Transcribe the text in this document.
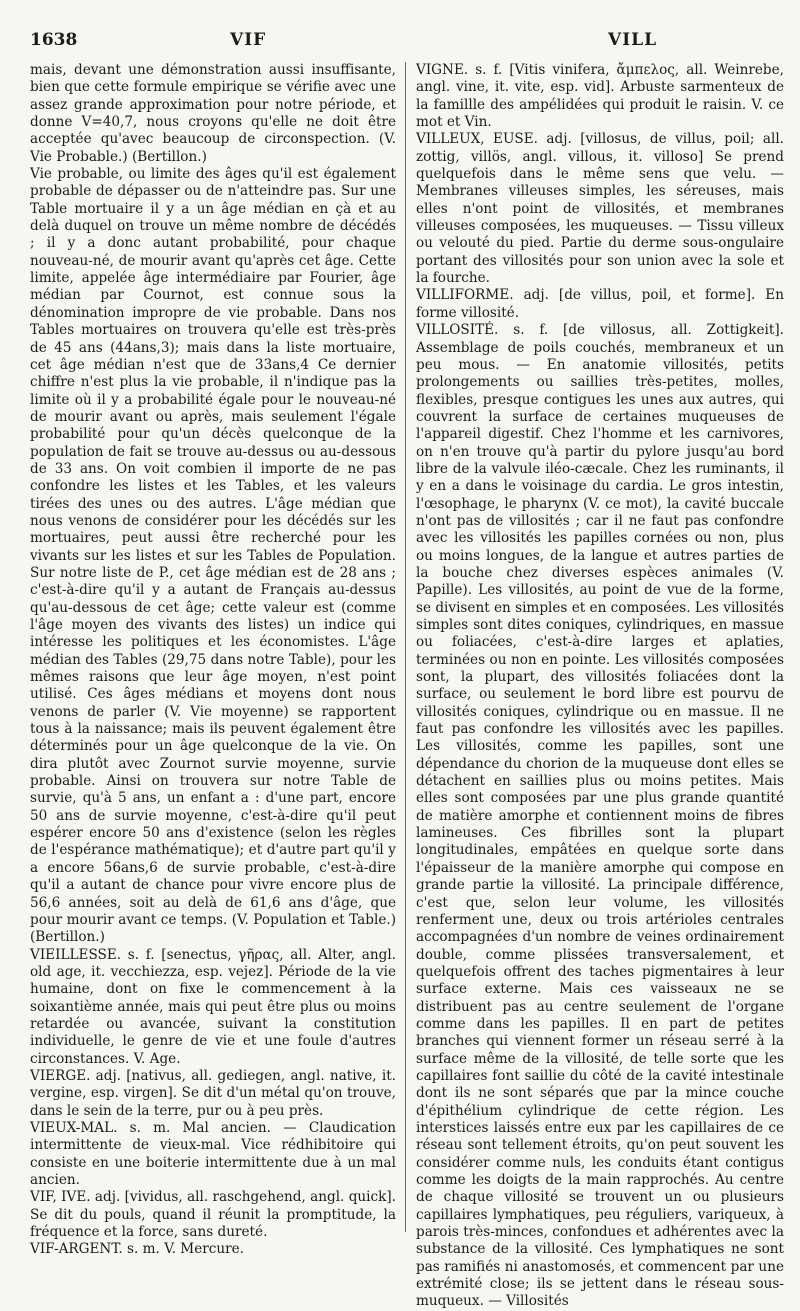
1638	VIF	VILL

mais, devant une démonstration aussi insuffisante, bien que cette formule empirique se vérifie avec une assez grande approximation pour notre période, et donne V=40,7, nous croyons qu'elle ne doit être acceptée qu'avec beaucoup de circonspection. (V. Vie Probable.) (Bertillon.)

Vie probable, ou limite des âges qu'il est également probable de dépasser ou de n'atteindre pas. Sur une Table mortuaire il y a un âge médian en çà et au delà duquel on trouve un même nombre de décédés ; il y a donc autant probabilité, pour chaque nouveau-né, de mourir avant qu'après cet âge. Cette limite, appelée âge intermédiaire par Fourier, âge médian par Cournot, est connue sous la dénomination impropre de vie probable. Dans nos Tables mortuaires on trouvera qu'elle est très-près de 45 ans (44ans,3); mais dans la liste mortuaire, cet âge médian n'est que de 33ans,4 Ce dernier chiffre n'est plus la vie probable, il n'indique pas la limite où il y a probabilité égale pour le nouveau-né de mourir avant ou après, mais seulement l'égale probabilité pour qu'un décès quelconque de la population de fait se trouve au-dessus ou au-dessous de 33 ans. On voit combien il importe de ne pas confondre les listes et les Tables, et les valeurs tirées des unes ou des autres. L'âge médian que nous venons de considérer pour les décédés sur les mortuaires, peut aussi être recherché pour les vivants sur les listes et sur les Tables de Population. Sur notre liste de P., cet âge médian est de 28 ans ; c'est-à-dire qu'il y a autant de Français au-dessus qu'au-dessous de cet âge; cette valeur est (comme l'âge moyen des vivants des listes) un indice qui intéresse les politiques et les économistes. L'âge médian des Tables (29,75 dans notre Table), pour les mêmes raisons que leur âge moyen, n'est point utilisé. Ces âges médians et moyens dont nous venons de parler (V. Vie moyenne) se rapportent tous à la naissance; mais ils peuvent également être déterminés pour un âge quelconque de la vie. On dira plutôt avec Zournot survie moyenne, survie probable. Ainsi on trouvera sur notre Table de survie, qu'à 5 ans, un enfant a : d'une part, encore 50 ans de survie moyenne, c'est-à-dire qu'il peut espérer encore 50 ans d'existence (selon les règles de l'espérance mathématique); et d'autre part qu'il y a encore 56ans,6 de survie probable, c'est-à-dire qu'il a autant de chance pour vivre encore plus de 56,6 années, soit au delà de 61,6 ans d'âge, que pour mourir avant ce temps. (V. Population et Table.) (Bertillon.)

VIEILLESSE. s. f. [senectus, γῆρας, all. Alter, angl. old age, it. vecchiezza, esp. vejez]. Période de la vie humaine, dont on fixe le commencement à la soixantième année, mais qui peut être plus ou moins retardée ou avancée, suivant la constitution individuelle, le genre de vie et une foule d'autres circonstances. V. Age.

VIERGE. adj. [nativus, all. gediegen, angl. native, it. vergine, esp. virgen]. Se dit d'un métal qu'on trouve, dans le sein de la terre, pur ou à peu près.

VIEUX-MAL. s. m. Mal ancien. — Claudication intermittente de vieux-mal. Vice rédhibitoire qui consiste en une boiterie intermittente due à un mal ancien.

VIF, IVE. adj. [vividus, all. raschgehend, angl. quick]. Se dit du pouls, quand il réunit la promptitude, la fréquence et la force, sans dureté.

VIF-ARGENT. s. m. V. Mercure.

VIGNE. s. f. [Vitis vinifera, ἄμπελος, all. Weinrebe, angl. vine, it. vite, esp. vid]. Arbuste sarmenteux de la famillle des ampélidées qui produit le raisin. V. ce mot et Vin.

VILLEUX, EUSE. adj. [villosus, de villus, poil; all. zottig, villös, angl. villous, it. villoso] Se prend quelquefois dans le même sens que velu. — Membranes villeuses simples, les séreuses, mais elles n'ont point de villosités, et membranes villeuses composées, les muqueuses. — Tissu villeux ou velouté du pied. Partie du derme sous-ongulaire portant des villosités pour son union avec la sole et la fourche.

VILLIFORME. adj. [de villus, poil, et forme]. En forme villosité.

VILLOSITÉ. s. f. [de villosus, all. Zottigkeit]. Assemblage de poils couchés, membraneux et un peu mous. — En anatomie villosités, petits prolongements ou saillies très-petites, molles, flexibles, presque contigues les unes aux autres, qui couvrent la surface de certaines muqueuses de l'appareil digestif. Chez l'homme et les carnivores, on n'en trouve qu'à partir du pylore jusqu'au bord libre de la valvule iléo-cæcale. Chez les ruminants, il y en a dans le voisinage du cardia. Le gros intestin, l'œsophage, le pharynx (V. ce mot), la cavité buccale n'ont pas de villosités ; car il ne faut pas confondre avec les villosités les papilles cornées ou non, plus ou moins longues, de la langue et autres parties de la bouche chez diverses espèces animales (V. Papille). Les villosités, au point de vue de la forme, se divisent en simples et en composées. Les villosités simples sont dites coniques, cylindriques, en massue ou foliacées, c'est-à-dire larges et aplaties, terminées ou non en pointe. Les villosités composées sont, la plupart, des villosités foliacées dont la surface, ou seulement le bord libre est pourvu de villosités coniques, cylindrique ou en massue. Il ne faut pas confondre les villosités avec les papilles. Les villosités, comme les papilles, sont une dépendance du chorion de la muqueuse dont elles se détachent en saillies plus ou moins petites. Mais elles sont composées par une plus grande quantité de matière amorphe et contiennent moins de fibres lamineuses. Ces fibrilles sont la plupart longitudinales, empâtées en quelque sorte dans l'épaisseur de la manière amorphe qui compose en grande partie la villosité. La principale différence, c'est que, selon leur volume, les villosités renferment une, deux ou trois artérioles centrales accompagnées d'un nombre de veines ordinairement double, comme plissées transversalement, et quelquefois offrent des taches pigmentaires à leur surface externe. Mais ces vaisseaux ne se distribuent pas au centre seulement de l'organe comme dans les papilles. Il en part de petites branches qui viennent former un réseau serré à la surface même de la villosité, de telle sorte que les capillaires font saillie du côté de la cavité intestinale dont ils ne sont séparés que par la mince couche d'épithélium cylindrique de cette région. Les interstices laissés entre eux par les capillaires de ce réseau sont tellement étroits, qu'on peut souvent les considérer comme nuls, les conduits étant contigus comme les doigts de la main rapprochés. Au centre de chaque villosité se trouvent un ou plusieurs capillaires lymphatiques, peu réguliers, variqueux, à parois très-minces, confondues et adhérentes avec la substance de la villosité. Ces lymphatiques ne sont pas ramifiés ni anastomosés, et commencent par une extrémité close; ils se jettent dans le réseau sous-muqueux. — Villosités
